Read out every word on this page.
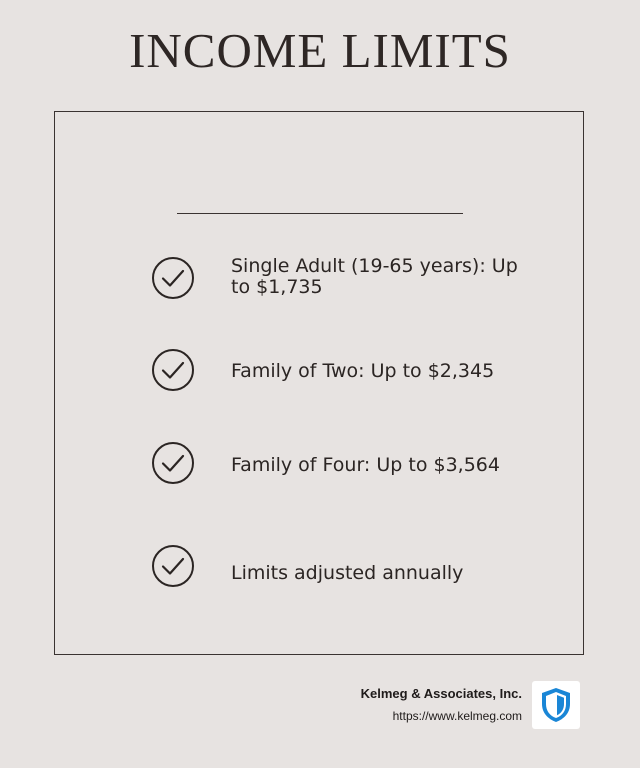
INCOME LIMITS
Single Adult (19-65 years): Up to $1,735
Family of Two: Up to $2,345
Family of Four: Up to $3,564
Limits adjusted annually
Kelmeg & Associates, Inc.
https://www.kelmeg.com
